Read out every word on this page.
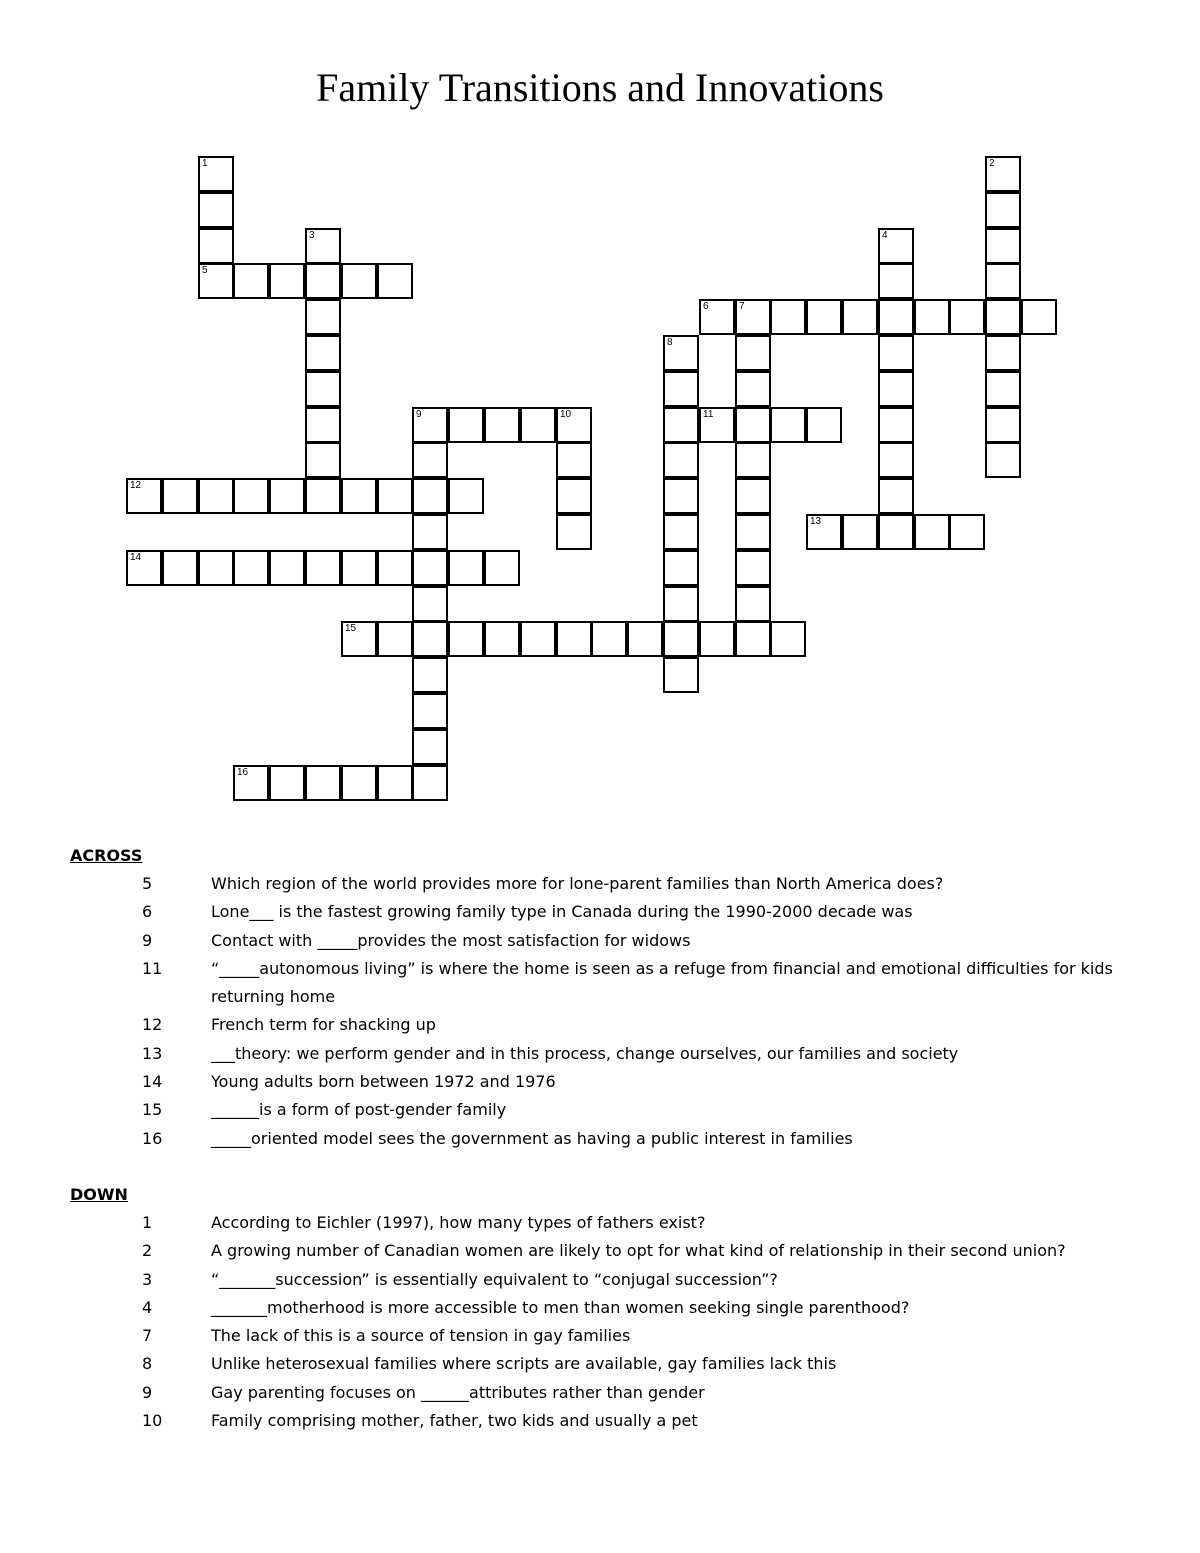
Family Transitions and Innovations
1
5
2
3	4
6	7
8
9	10	11
12
13
14
15
16
ACROSS
5	Which region of the world provides more for lone-parent families than North America does?
6	Lone___ is the fastest growing family type in Canada during the 1990-2000 decade was
9	Contact with _____provides the most satisfaction for widows
11	“_____autonomous living” is where the home is seen as a refuge from financial and emotional difficulties for kids returning home
12	French term for shacking up
13	___theory: we perform gender and in this process, change ourselves, our families and society
14	Young adults born between 1972 and 1976
15	______is a form of post-gender family
16	_____oriented model sees the government as having a public interest in families
DOWN
1	According to Eichler (1997), how many types of fathers exist?
2	A growing number of Canadian women are likely to opt for what kind of relationship in their second union?
3	“_______succession” is essentially equivalent to “conjugal succession”?
4	_______motherhood is more accessible to men than women seeking single parenthood?
7	The lack of this is a source of tension in gay families
8	Unlike heterosexual families where scripts are available, gay families lack this
9	Gay parenting focuses on ______attributes rather than gender
10	Family comprising mother, father, two kids and usually a pet
